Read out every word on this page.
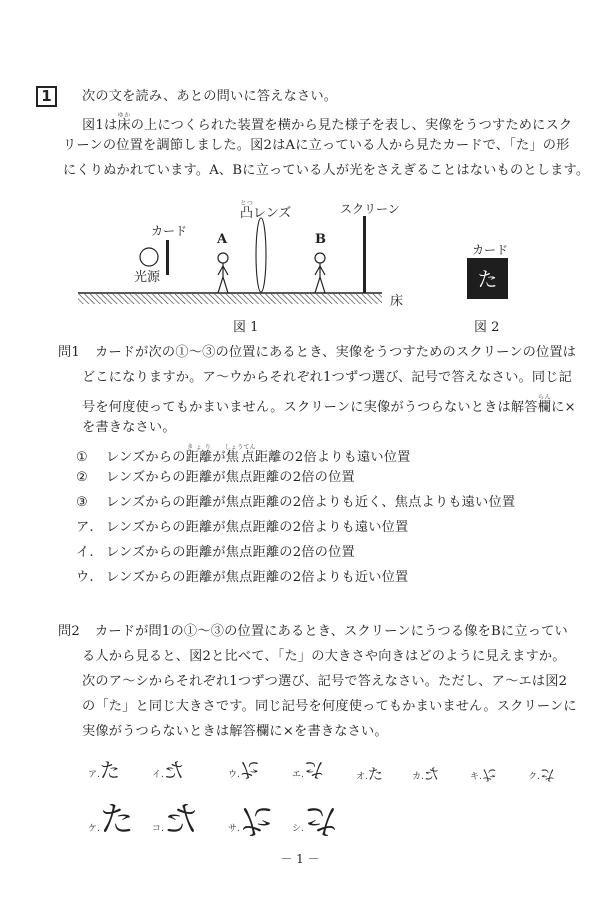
1	次の文を読み、あとの問いに答えなさい。
図1は床ゆかの上につくられた装置を横から見た様子を表し、実像をうつすためにスク
リーンの位置を調節しました。図2はAに立っている人から見たカードで、「た」の形
にくりぬかれています。A、Bに立っている人が光をさえぎることはないものとします。
カード
光源
凸とつレンズ	スクリーン
A	B
床
図 1
カード
た
図 2
問1 カードが次の①～③の位置にあるとき、実像をうつすためのスクリーンの位置は
どこになりますか。ア～ウからそれぞれ1つずつ選び、記号で答えなさい。同じ記
号を何度使ってもかまいません。スクリーンに実像がうつらないときは解答欄らんに×
を書きなさい。
① レンズからの距離きょりが焦点しょうてん距離の2倍よりも遠い位置
② レンズからの距離が焦点距離の2倍の位置
③ レンズからの距離が焦点距離の2倍よりも近く、焦点よりも遠い位置
ア. レンズからの距離が焦点距離の2倍よりも遠い位置
イ. レンズからの距離が焦点距離の2倍の位置
ウ. レンズからの距離が焦点距離の2倍よりも近い位置
問2 カードが問1の①～③の位置にあるとき、スクリーンにうつる像をBに立ってい
る人から見ると、図2と比べて、「た」の大きさや向きはどのように見えますか。
次のア～シからそれぞれ1つずつ選び、記号で答えなさい。ただし、ア～エは図2
の「た」と同じ大きさです。同じ記号を何度使ってもかまいません。スクリーンに
実像がうつらないときは解答欄に×を書きなさい。
ア.た	イ.た	ウ.た	エ.た	オ.た	カ.た	キ.た	ク.た
ケ.た コ.た	サ.た シ.た
－ 1 －
